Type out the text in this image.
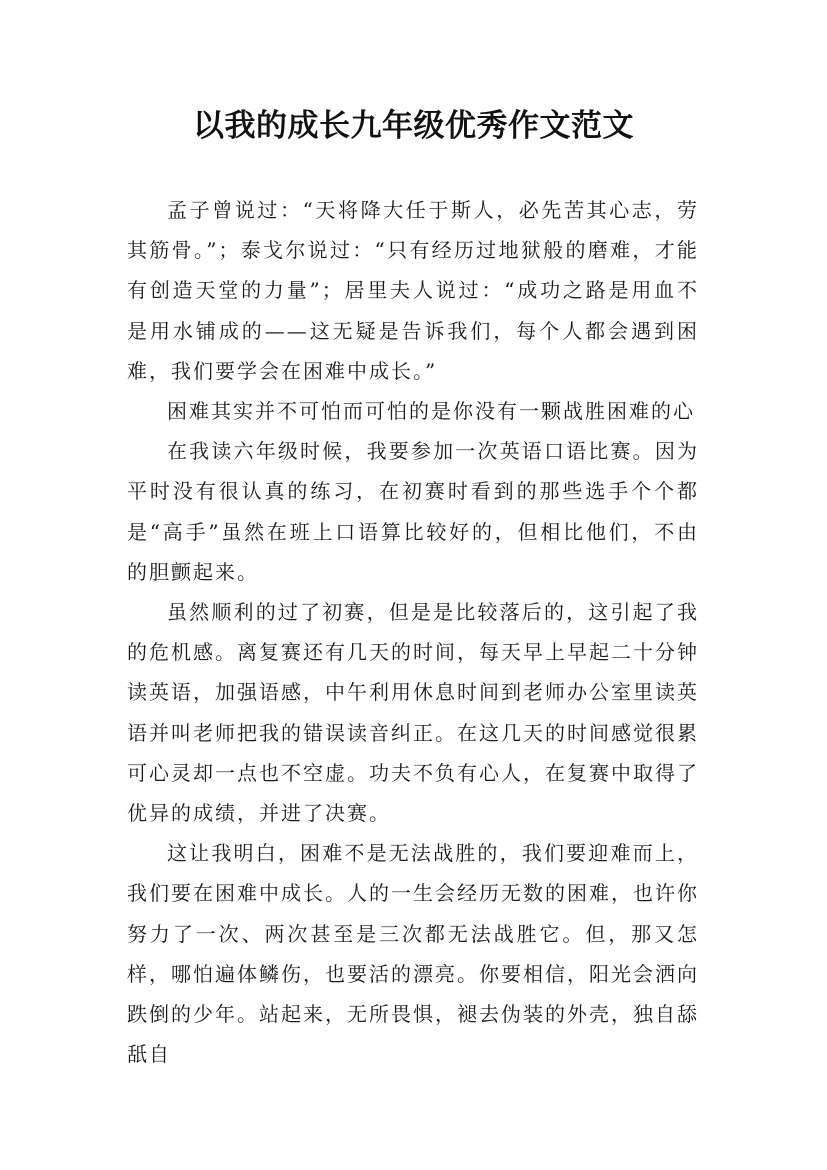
以我的成长九年级优秀作文范文

孟子曾说过：“天将降大任于斯人，必先苦其心志，劳其筋骨。”；泰戈尔说过：“只有经历过地狱般的磨难，才能有创造天堂的力量”；居里夫人说过：“成功之路是用血不是用水铺成的——这无疑是告诉我们，每个人都会遇到困难，我们要学会在困难中成长。”

困难其实并不可怕而可怕的是你没有一颗战胜困难的心

在我读六年级时候，我要参加一次英语口语比赛。因为平时没有很认真的练习，在初赛时看到的那些选手个个都是“高手”虽然在班上口语算比较好的，但相比他们，不由的胆颤起来。

虽然顺利的过了初赛，但是是比较落后的，这引起了我的危机感。离复赛还有几天的时间，每天早上早起二十分钟读英语，加强语感，中午利用休息时间到老师办公室里读英语并叫老师把我的错误读音纠正。在这几天的时间感觉很累可心灵却一点也不空虚。功夫不负有心人，在复赛中取得了优异的成绩，并进了决赛。

这让我明白，困难不是无法战胜的，我们要迎难而上，我们要在困难中成长。人的一生会经历无数的困难，也许你努力了一次、两次甚至是三次都无法战胜它。但，那又怎样，哪怕遍体鳞伤，也要活的漂亮。你要相信，阳光会洒向跌倒的少年。站起来，无所畏惧，褪去伪装的外壳，独自舔舐自
